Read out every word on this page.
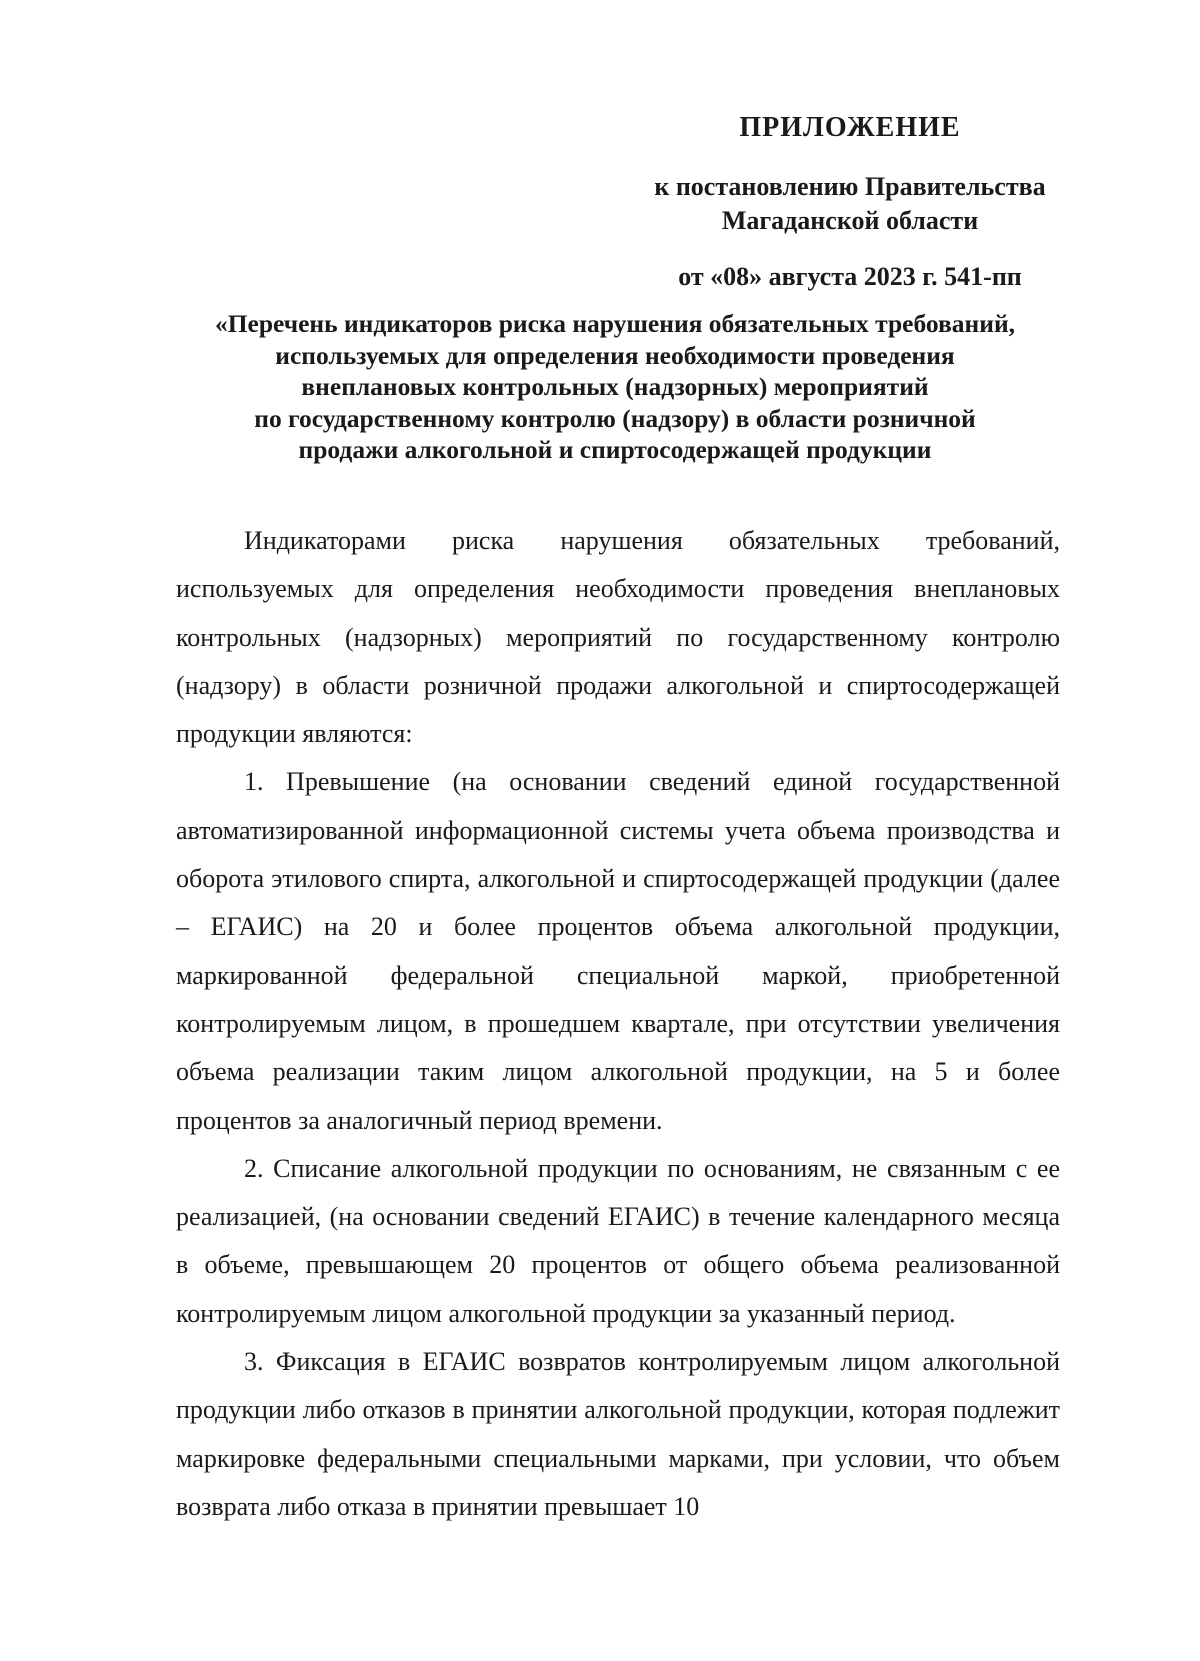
ПРИЛОЖЕНИЕ

к постановлению Правительства

Магаданской области

от «08» августа 2023 г. 541-пп

«Перечень индикаторов риска нарушения обязательных требований,
используемых для определения необходимости проведения
внеплановых контрольных (надзорных) мероприятий
по государственному контролю (надзору) в области розничной
продажи алкогольной и спиртосодержащей продукции

Индикаторами риска нарушения обязательных требований, используемых для определения необходимости проведения внеплановых контрольных (надзорных) мероприятий по государственному контролю (надзору) в области розничной продажи алкогольной и спиртосодержащей продукции являются:

1. Превышение (на основании сведений единой государственной автоматизированной информационной системы учета объема производства и оборота этилового спирта, алкогольной и спиртосодержащей продукции (далее – ЕГАИС) на 20 и более процентов объема алкогольной продукции, маркированной федеральной специальной маркой, приобретенной контролируемым лицом, в прошедшем квартале, при отсутствии увеличения объема реализации таким лицом алкогольной продукции, на 5 и более процентов за аналогичный период времени.

2. Списание алкогольной продукции по основаниям, не связанным с ее реализацией, (на основании сведений ЕГАИС) в течение календарного месяца в объеме, превышающем 20 процентов от общего объема реализованной контролируемым лицом алкогольной продукции за указанный период.

3. Фиксация в ЕГАИС возвратов контролируемым лицом алкогольной продукции либо отказов в принятии алкогольной продукции, которая подлежит маркировке федеральными специальными марками, при условии, что объем возврата либо отказа в принятии превышает 10
